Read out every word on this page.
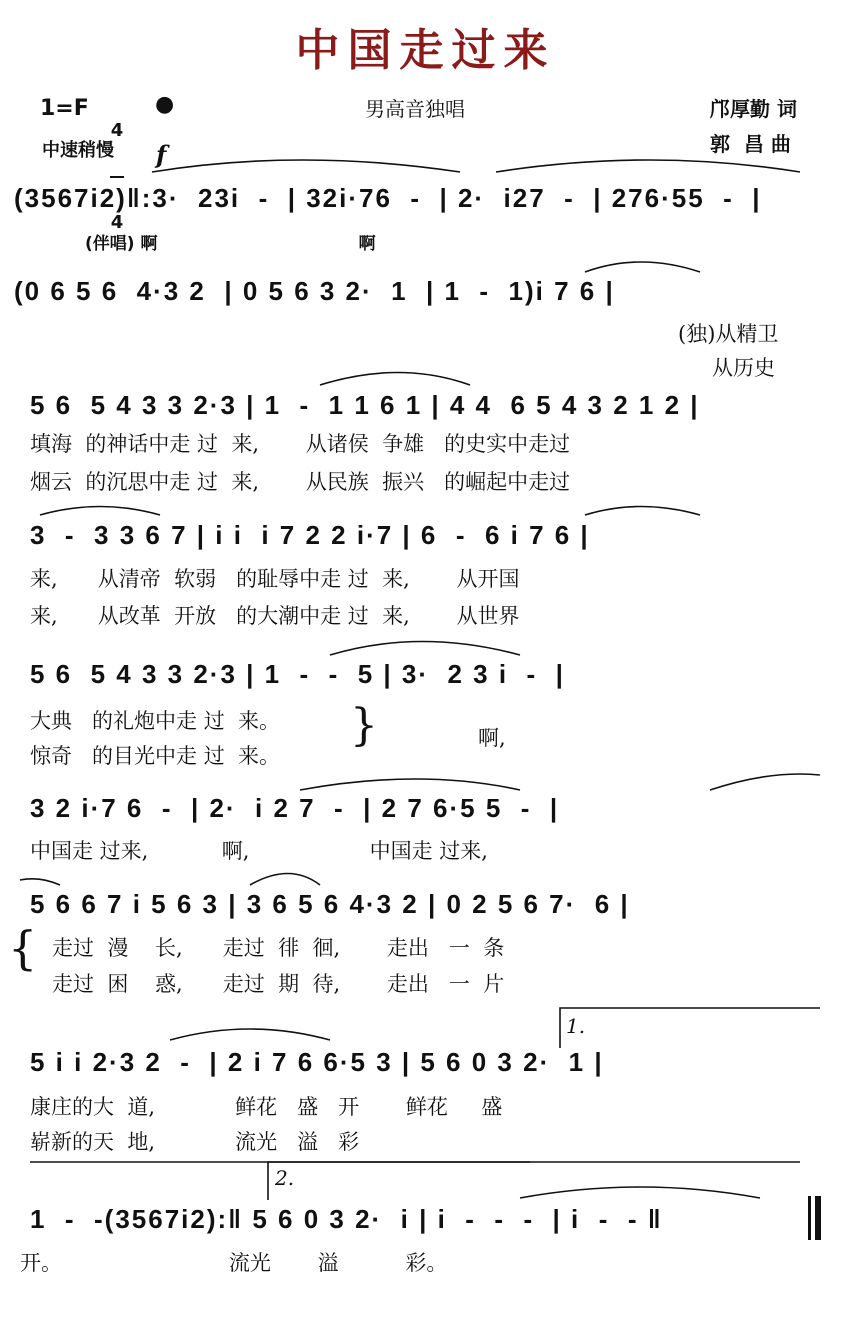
中国走过来
1=F

4

4

●	男高音独唱	邝厚勤 词
郭  昌 曲
中速稍慢 f
(3567i2)‖:3·  23i  -  | 32i·76  -  | 2·  i27  -  | 276·55  -  |
(伴唱) 啊                                  啊
(0 6 5 6  4·3 2  | 0 5 6 3 2·  1  | 1  -  1)i 7 6 |
(独)从精卫
从历史
5 6  5 4 3 3 2·3 | 1  -  1 1 6 1 | 4 4  6 5 4 3 2 1 2 |
填海  的神话中走 过  来,       从诸侯  争雄   的史实中走过
烟云  的沉思中走 过  来,       从民族  振兴   的崛起中走过
3  -  3 3 6 7 | i i  i 7 2 2 i·7 | 6  -  6 i 7 6 |
来,      从清帝  软弱   的耻辱中走 过  来,       从开国
来,      从改革  开放   的大潮中走 过  来,       从世界
5 6  5 4 3 3 2·3 | 1  -  -  5 | 3·  2 3 i  -  |
大典   的礼炮中走 过  来。
惊奇   的目光中走 过  来。
}	啊,
3 2 i·7 6  -  | 2·  i 2 7  -  | 2 7 6·5 5  -  |
中国走 过来,           啊,                  中国走 过来,
5 6 6 7 i 5 6 3 | 3 6 5 6 4·3 2 | 0 2 5 6 7·  6 |
{ 走过  漫    长,      走过  徘  徊,       走出   一  条
走过  困    惑,      走过  期  待,       走出   一  片
1.
5 i i 2·3 2  -  | 2 i 7 6 6·5 3 | 5 6 0 3 2·  1 |
康庄的大  道,            鲜花   盛   开       鲜花     盛
崭新的天  地,            流光   溢   彩
2.
1  -  -(3567i2):‖ 5 6 0 3 2·  i | i  -  -  -  | i  -  - ‖
开。                         流光       溢          彩。
